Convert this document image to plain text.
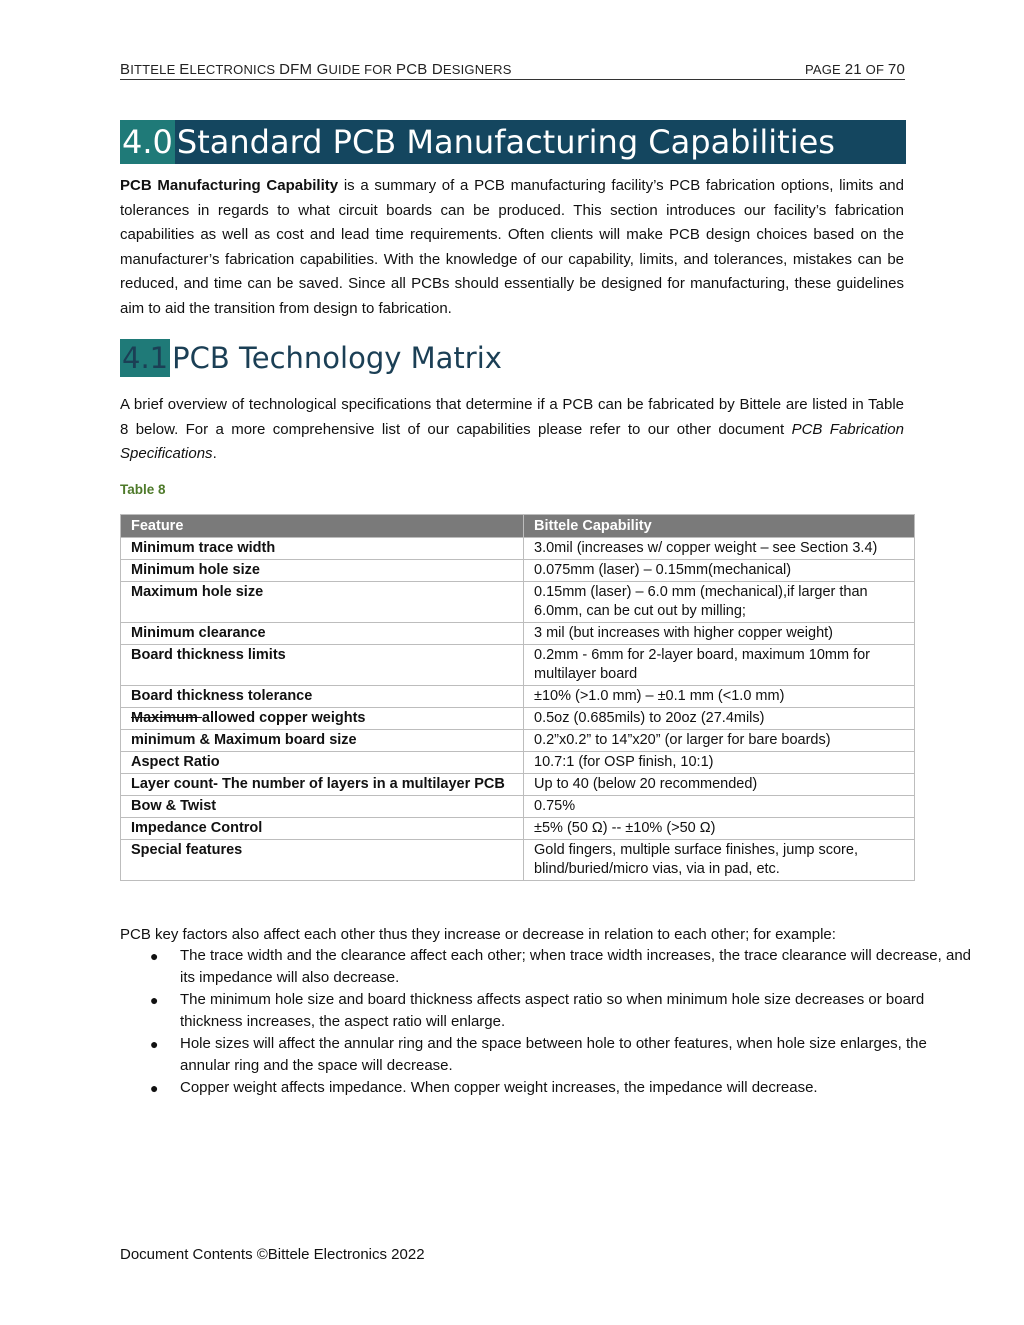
BITTELE ELECTRONICS DFM GUIDE FOR PCB DESIGNERS	PAGE 21 OF 70
4.0 Standard PCB Manufacturing Capabilities
PCB Manufacturing Capability is a summary of a PCB manufacturing facility’s PCB fabrication options, limits and tolerances in regards to what circuit boards can be produced. This section introduces our facility’s fabrication capabilities as well as cost and lead time requirements. Often clients will make PCB design choices based on the manufacturer’s fabrication capabilities. With the knowledge of our capability, limits, and tolerances, mistakes can be reduced, and time can be saved. Since all PCBs should essentially be designed for manufacturing, these guidelines aim to aid the transition from design to fabrication.
4.1 PCB Technology Matrix
A brief overview of technological specifications that determine if a PCB can be fabricated by Bittele are listed in Table 8 below. For a more comprehensive list of our capabilities please refer to our other document PCB Fabrication Specifications.
Table 8
Feature	Bittele Capability
Minimum trace width	3.0mil (increases w/ copper weight – see Section 3.4)
Minimum hole size	0.075mm (laser) – 0.15mm(mechanical)
Maximum hole size	0.15mm (laser) – 6.0 mm (mechanical),if larger than 6.0mm, can be cut out by milling;
Minimum clearance	3 mil (but increases with higher copper weight)
Board thickness limits	0.2mm - 6mm for 2-layer board, maximum 10mm for multilayer board
Board thickness tolerance	±10% (>1.0 mm) – ±0.1 mm (<1.0 mm)
Maximum allowed copper weights	0.5oz (0.685mils) to 20oz (27.4mils)
minimum & Maximum board size	0.2”x0.2” to 14”x20” (or larger for bare boards)
Aspect Ratio	10.7:1 (for OSP finish, 10:1)
Layer count- The number of layers in a multilayer PCB	Up to 40 (below 20 recommended)
Bow & Twist	0.75%
Impedance Control	±5% (50 Ω) -- ±10% (>50 Ω)
Special features	Gold fingers, multiple surface finishes, jump score, blind/buried/micro vias, via in pad, etc.
PCB key factors also affect each other thus they increase or decrease in relation to each other; for example:
● The trace width and the clearance affect each other; when trace width increases, the trace clearance will decrease, and its impedance will also decrease.
● The minimum hole size and board thickness affects aspect ratio so when minimum hole size decreases or board thickness increases, the aspect ratio will enlarge.
● Hole sizes will affect the annular ring and the space between hole to other features, when hole size enlarges, the annular ring and the space will decrease.
● Copper weight affects impedance. When copper weight increases, the impedance will decrease.
Document Contents ©Bittele Electronics 2022
